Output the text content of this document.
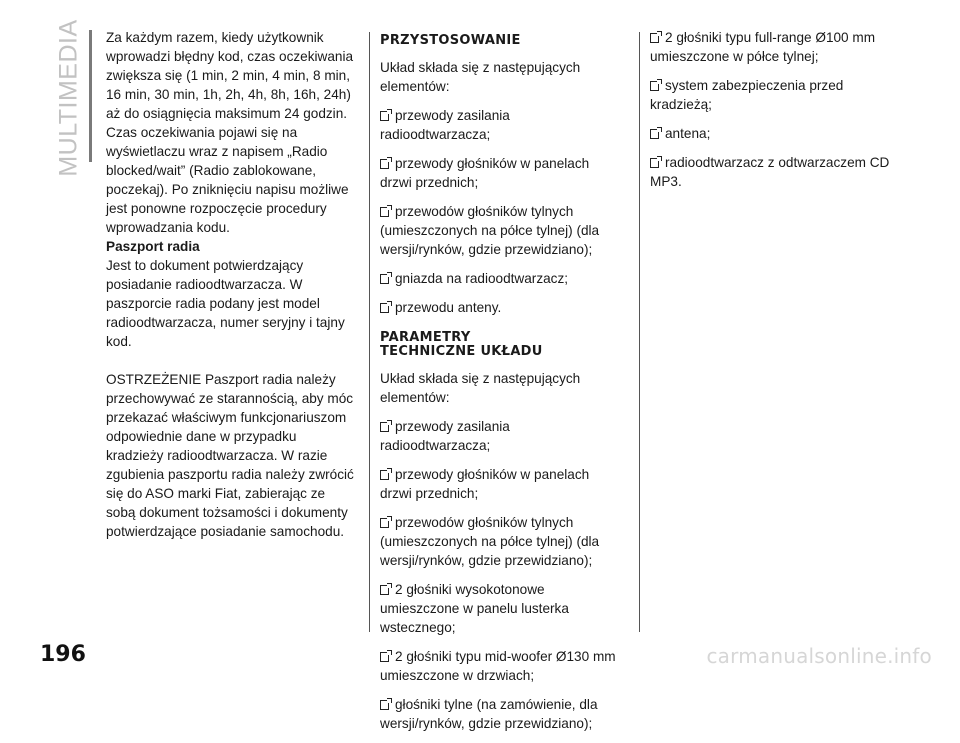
MULTIMEDIA Za każdym razem, kiedy użytkownik wprowadzi błędny kod, czas oczekiwania zwiększa się (1 min, 2 min, 4 min, 8 min, 16 min, 30 min, 1h, 2h, 4h, 8h, 16h, 24h) aż do osiągnięcia maksimum 24 godzin. Czas oczekiwania pojawi się na wyświetlaczu wraz z napisem „Radio blocked/wait” (Radio zablokowane, poczekaj). Po zniknięciu napisu możliwe jest ponowne rozpoczęcie procedury wprowadzania kodu.

Paszport radia

Jest to dokument potwierdzający posiadanie radioodtwarzacza. W paszporcie radia podany jest model radioodtwarzacza, numer seryjny i tajny kod.

OSTRZEŻENIE Paszport radia należy przechowywać ze starannością, aby móc przekazać właściwym funkcjonariuszom odpowiednie dane w przypadku kradzieży radioodtwarzacza. W razie zgubienia paszportu radia należy zwrócić się do ASO marki Fiat, zabierając ze sobą dokument tożsamości i dokumenty potwierdzające posiadanie samochodu.

PRZYSTOSOWANIE

Układ składa się z następujących elementów:

przewody zasilania radioodtwarzacza;

przewody głośników w panelach drzwi przednich;

przewodów głośników tylnych (umieszczonych na półce tylnej) (dla wersji/rynków, gdzie przewidziano);

gniazda na radioodtwarzacz;

przewodu anteny.

PARAMETRY
TECHNICZNE UKŁADU

Układ składa się z następujących elementów:

przewody zasilania radioodtwarzacza;

przewody głośników w panelach drzwi przednich;

przewodów głośników tylnych (umieszczonych na półce tylnej) (dla wersji/rynków, gdzie przewidziano);

2 głośniki wysokotonowe umieszczone w panelu lusterka wstecznego;

2 głośniki typu mid-woofer Ø130 mm umieszczone w drzwiach;

głośniki tylne (na zamówienie, dla wersji/rynków, gdzie przewidziano);

2 głośniki typu full-range Ø100 mm umieszczone w półce tylnej;

system zabezpieczenia przed kradzieżą;

antena;

radioodtwarzacz z odtwarzaczem CD MP3.

196	carmanualsonline.info
